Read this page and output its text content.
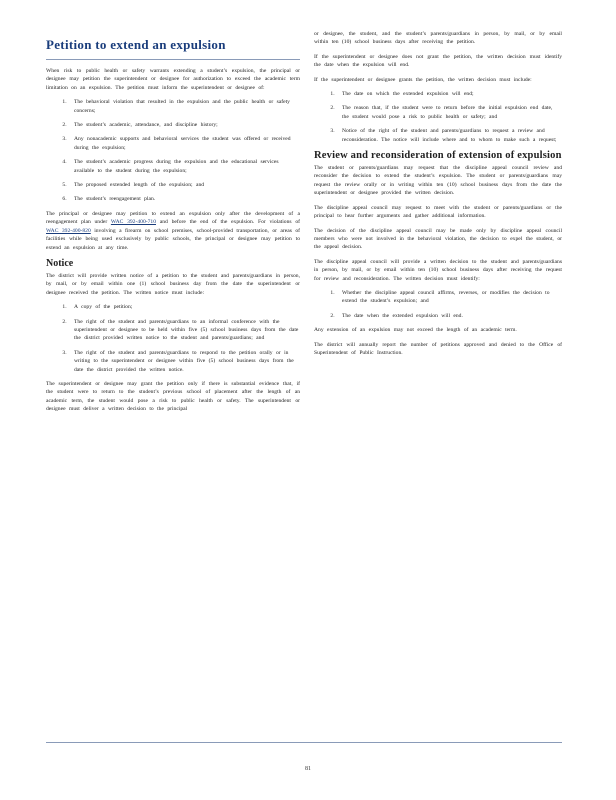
Petition to extend an expulsion

When risk to public health or safety warrants extending a student’s expulsion, the principal or designee may petition the superintendent or designee for authorization to exceed the academic term limitation on an expulsion. The petition must inform the superintendent or designee of:

1. The behavioral violation that resulted in the expulsion and the public health or safety concerns;
2. The student’s academic, attendance, and discipline history;
3. Any nonacademic supports and behavioral services the student was offered or received during the expulsion;
4. The student’s academic progress during the expulsion and the educational services available to the student during the expulsion;
5. The proposed extended length of the expulsion; and
6. The student’s reengagement plan.

The principal or designee may petition to extend an expulsion only after the development of a reengagement plan under WAC 392-400-710 and before the end of the expulsion. For violations of WAC 392-400-820 involving a firearm on school premises, school-provided transportation, or areas of facilities while being used exclusively by public schools, the principal or designee may petition to extend an expulsion at any time.

Notice

The district will provide written notice of a petition to the student and parents/guardians in person, by mail, or by email within one (1) school business day from the date the superintendent or designee received the petition. The written notice must include:

1. A copy of the petition;
2. The right of the student and parents/guardians to an informal conference with the superintendent or designee to be held within five (5) school business days from the date the district provided written notice to the student and parents/guardians; and
3. The right of the student and parents/guardians to respond to the petition orally or in writing to the superintendent or designee within five (5) school business days from the date the district provided the written notice.

The superintendent or designee may grant the petition only if there is substantial evidence that, if the student were to return to the student’s previous school of placement after the length of an academic term, the student would pose a risk to public health or safety. The superintendent or designee must deliver a written decision to the principal

or designee, the student, and the student’s parents/guardians in person, by mail, or by email within ten (10) school business days after receiving the petition.

If the superintendent or designee does not grant the petition, the written decision must identify the date when the expulsion will end.

If the superintendent or designee grants the petition, the written decision must include:

1. The date on which the extended expulsion will end;
2. The reason that, if the student were to return before the initial expulsion end date, the student would pose a risk to public health or safety; and
3. Notice of the right of the student and parents/guardians to request a review and reconsideration. The notice will include where and to whom to make such a request;
Review and reconsideration of extension of expulsion

The student or parents/guardians may request that the discipline appeal council review and reconsider the decision to extend the student’s expulsion. The student or parents/guardians may request the review orally or in writing within ten (10) school business days from the date the superintendent or designee provided the written decision.

The discipline appeal council may request to meet with the student or parents/guardians or the principal to hear further arguments and gather additional information.

The decision of the discipline appeal council may be made only by discipline appeal council members who were not involved in the behavioral violation, the decision to expel the student, or the appeal decision.

The discipline appeal council will provide a written decision to the student and parents/guardians in person, by mail, or by email within ten (10) school business days after receiving the request for review and reconsideration. The written decision must identify:

1. Whether the discipline appeal council affirms, reverses, or modifies the decision to extend the student’s expulsion; and
2. The date when the extended expulsion will end.

Any extension of an expulsion may not exceed the length of an academic term.

The district will annually report the number of petitions approved and denied to the Office of Superintendent of Public Instruction.

81
